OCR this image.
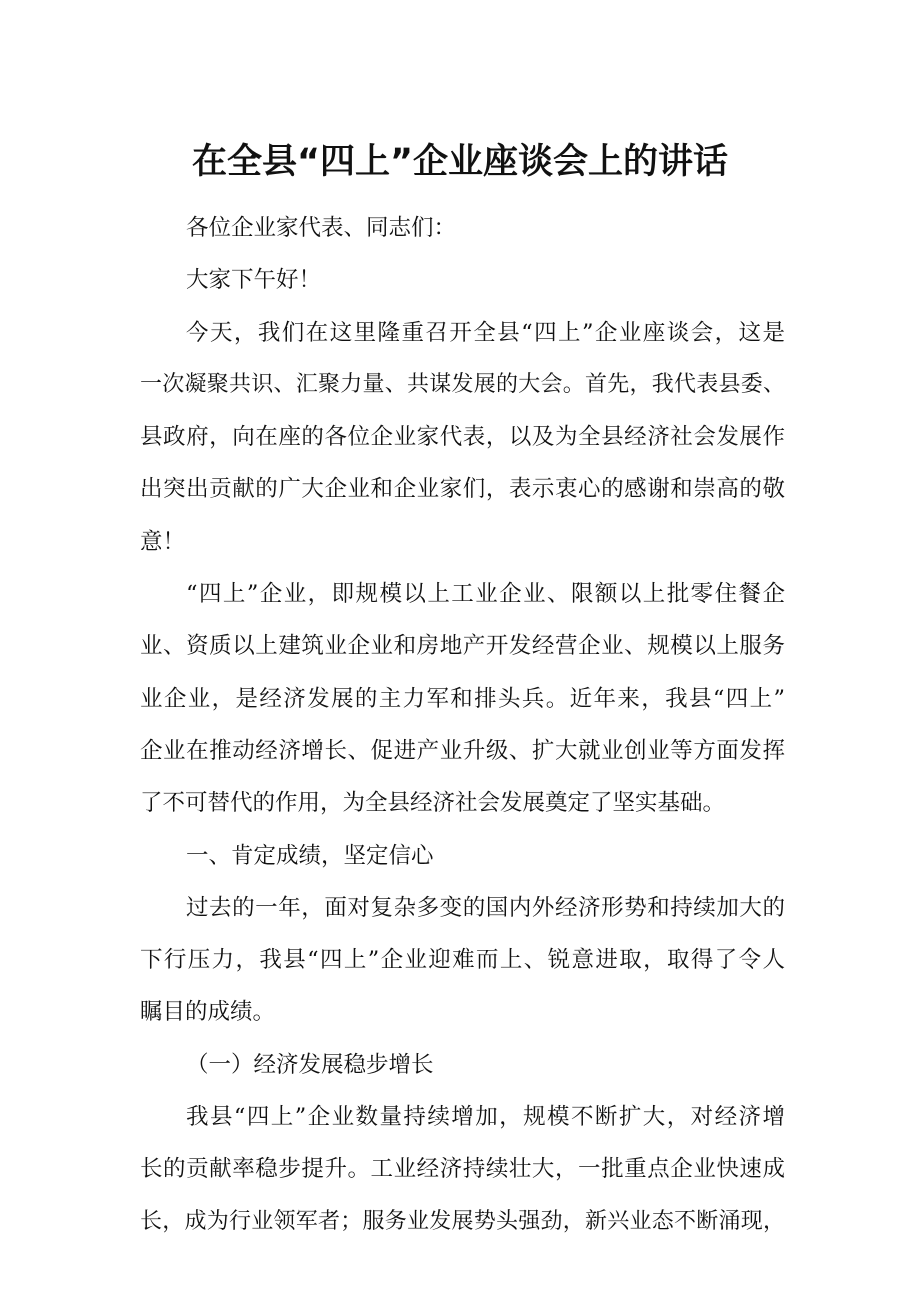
在全县“四上”企业座谈会上的讲话
各位企业家代表、同志们：
大家下午好！
今天，我们在这里隆重召开全县“四上”企业座谈会，这是
一次凝聚共识、汇聚力量、共谋发展的大会。首先，我代表县委、
县政府，向在座的各位企业家代表，以及为全县经济社会发展作
出突出贡献的广大企业和企业家们，表示衷心的感谢和崇高的敬
意！
“四上”企业，即规模以上工业企业、限额以上批零住餐企
业、资质以上建筑业企业和房地产开发经营企业、规模以上服务
业企业，是经济发展的主力军和排头兵。近年来，我县“四上”
企业在推动经济增长、促进产业升级、扩大就业创业等方面发挥
了不可替代的作用，为全县经济社会发展奠定了坚实基础。
一、肯定成绩，坚定信心
过去的一年，面对复杂多变的国内外经济形势和持续加大的
下行压力，我县“四上”企业迎难而上、锐意进取，取得了令人
瞩目的成绩。
（一）经济发展稳步增长
我县“四上”企业数量持续增加，规模不断扩大，对经济增
长的贡献率稳步提升。工业经济持续壮大，一批重点企业快速成
长，成为行业领军者；服务业发展势头强劲，新兴业态不断涌现，
